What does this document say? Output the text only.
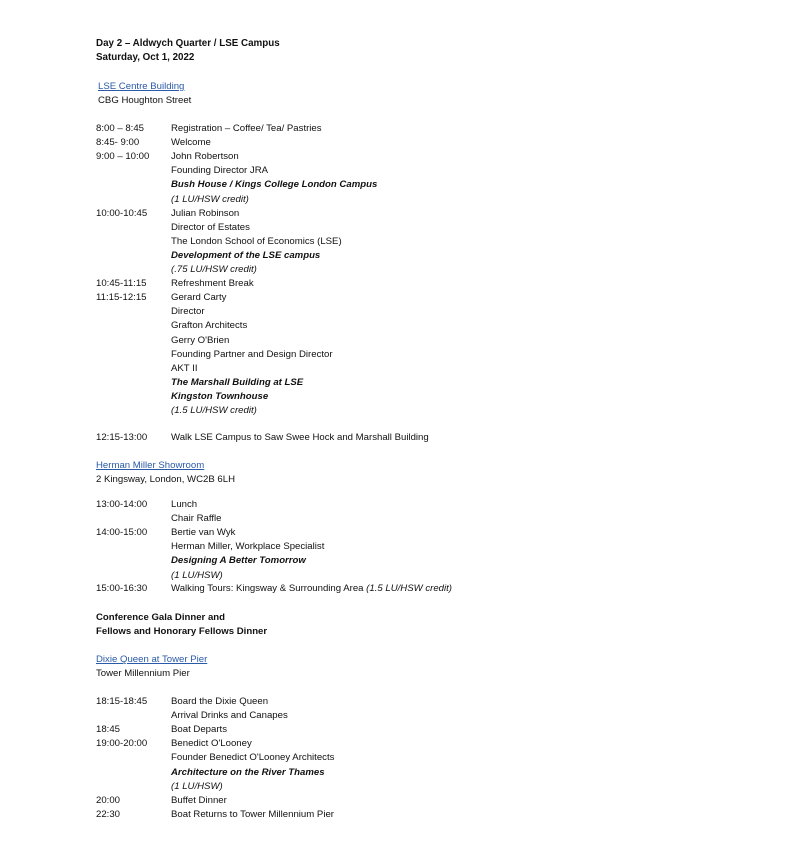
Day 2 – Aldwych Quarter / LSE Campus
Saturday, Oct 1, 2022
LSE Centre Building
CBG Houghton Street
8:00 – 8:45	Registration – Coffee/ Tea/ Pastries
8:45- 9:00	Welcome
9:00 – 10:00	John Robertson
Founding Director JRA
Bush House / Kings College London Campus
(1 LU/HSW credit)
10:00-10:45	Julian Robinson
Director of Estates
The London School of Economics (LSE)
Development of the LSE campus
(.75 LU/HSW credit)
10:45-11:15	Refreshment Break
11:15-12:15	Gerard Carty
Director
Grafton Architects
Gerry O'Brien
Founding Partner and Design Director
AKT II
The Marshall Building at LSE
Kingston Townhouse
(1.5 LU/HSW credit)
12:15-13:00	Walk LSE Campus to Saw Swee Hock and Marshall Building
Herman Miller Showroom
2 Kingsway, London, WC2B 6LH
13:00-14:00	Lunch
Chair Raffle
14:00-15:00	Bertie van Wyk
Herman Miller, Workplace Specialist
Designing A Better Tomorrow
(1 LU/HSW)
15:00-16:30	Walking Tours: Kingsway & Surrounding Area (1.5 LU/HSW credit)
Conference Gala Dinner and
Fellows and Honorary Fellows Dinner
Dixie Queen at Tower Pier
Tower Millennium Pier
18:15-18:45	Board the Dixie Queen
Arrival Drinks and Canapes
18:45	Boat Departs
19:00-20:00	Benedict O'Looney
Founder Benedict O'Looney Architects
Architecture on the River Thames
(1 LU/HSW)
20:00	Buffet Dinner
22:30	Boat Returns to Tower Millennium Pier
